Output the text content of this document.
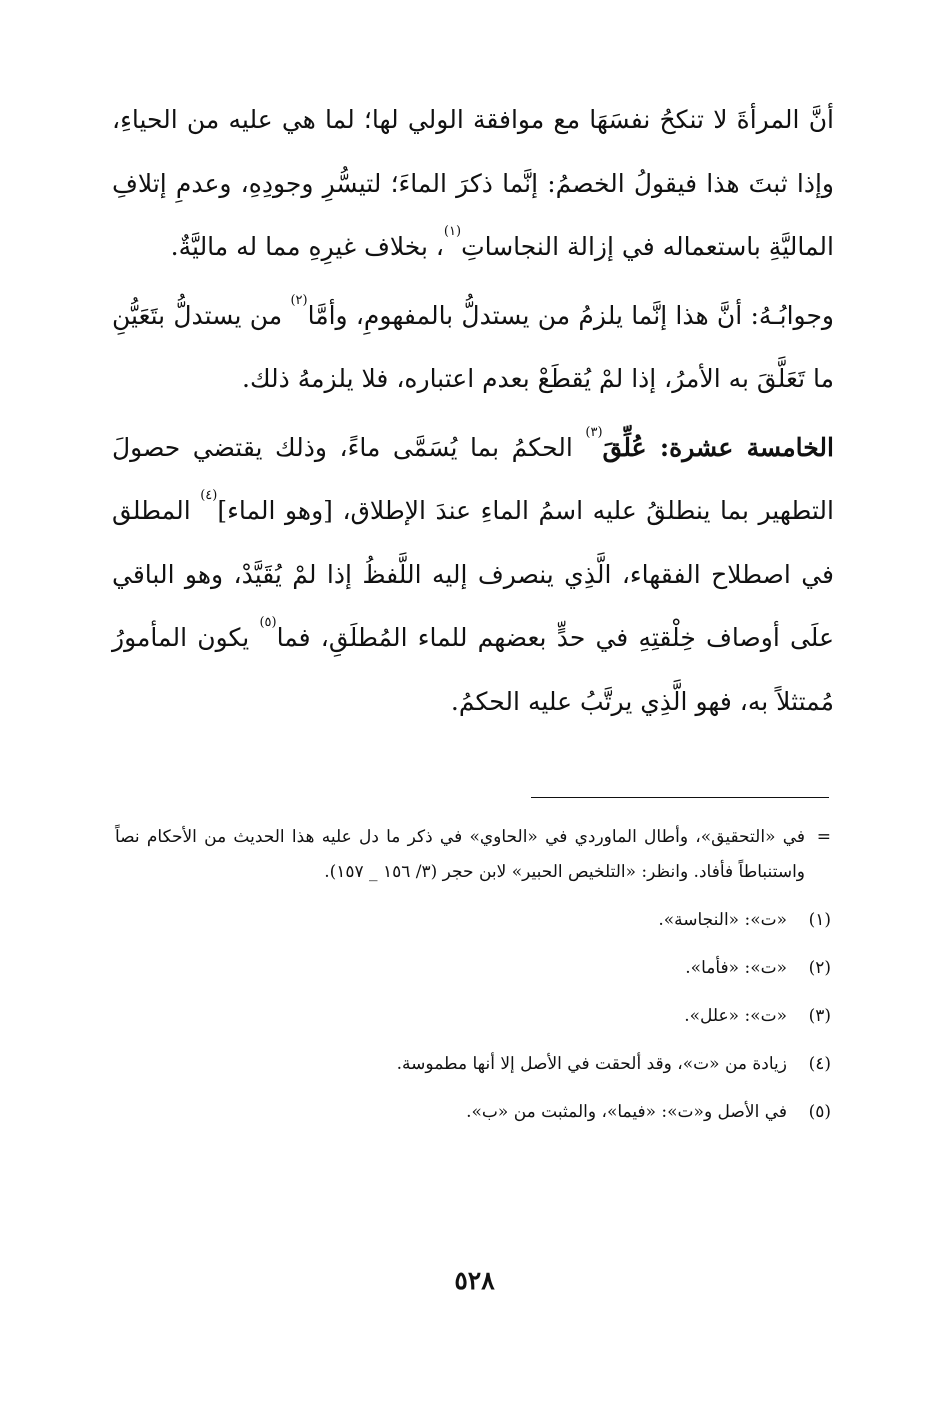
أنَّ المرأةَ لا تنكحُ نفسَهَا مع موافقة الولي لها؛ لما هي عليه من الحياءِ، وإذا ثبتَ هذا فيقولُ الخصمُ: إنَّما ذكرَ الماءَ؛ لتيسُّرِ وجودِهِ، وعدمِ إتلافِ الماليَّةِ باستعماله في إزالة النجاساتِ$^{(١)}$، بخلاف غيرِهِ مما له ماليَّةٌ.

وجوابُـهُ: أنَّ هذا إنَّما يلزمُ من يستدلُّ بالمفهومِ، وأمَّا$^{(٢)}$ من يستدلُّ بتَعَيُّنِ ما تَعَلَّقَ به الأمرُ، إذا لمْ يُقطَعْ بعدم اعتباره، فلا يلزمهُ ذلك.

الخامسة عشرة: عُلِّقَ$^{(٣)}$ الحكمُ بما يُسَمَّى ماءً، وذلك يقتضي حصولَ التطهير بما ينطلقُ عليه اسمُ الماءِ عندَ الإطلاق، [وهو الماء]$^{(٤)}$ المطلق في اصطلاح الفقهاء، الَّذِي ينصرف إليه اللَّفظُ إذا لمْ يُقَيَّدْ، وهو الباقي علَى أوصاف خِلْقتِهِ في حدٍّ بعضهم للماء المُطلَقِ، فما$^{(٥)}$ يكون المأمورُ مُمتثلاً به، فهو الَّذِي يرتَّبُ عليه الحكمُ.

=
في «التحقيق»، وأطال الماوردي في «الحاوي» في ذكر ما دل عليه هذا الحديث من الأحكام نصاً واستنباطاً فأفاد. وانظر: «التلخيص الحبير» لابن حجر (٣/ ١٥٦ _ ١٥٧).
(١)
«ت»: «النجاسة».
(٢)
«ت»: «فأما».
(٣)
«ت»: «علل».
(٤)
زيادة من «ت»، وقد ألحقت في الأصل إلا أنها مطموسة.
(٥)
في الأصل و«ت»: «فيما»، والمثبت من «ب».
٥٢٨
